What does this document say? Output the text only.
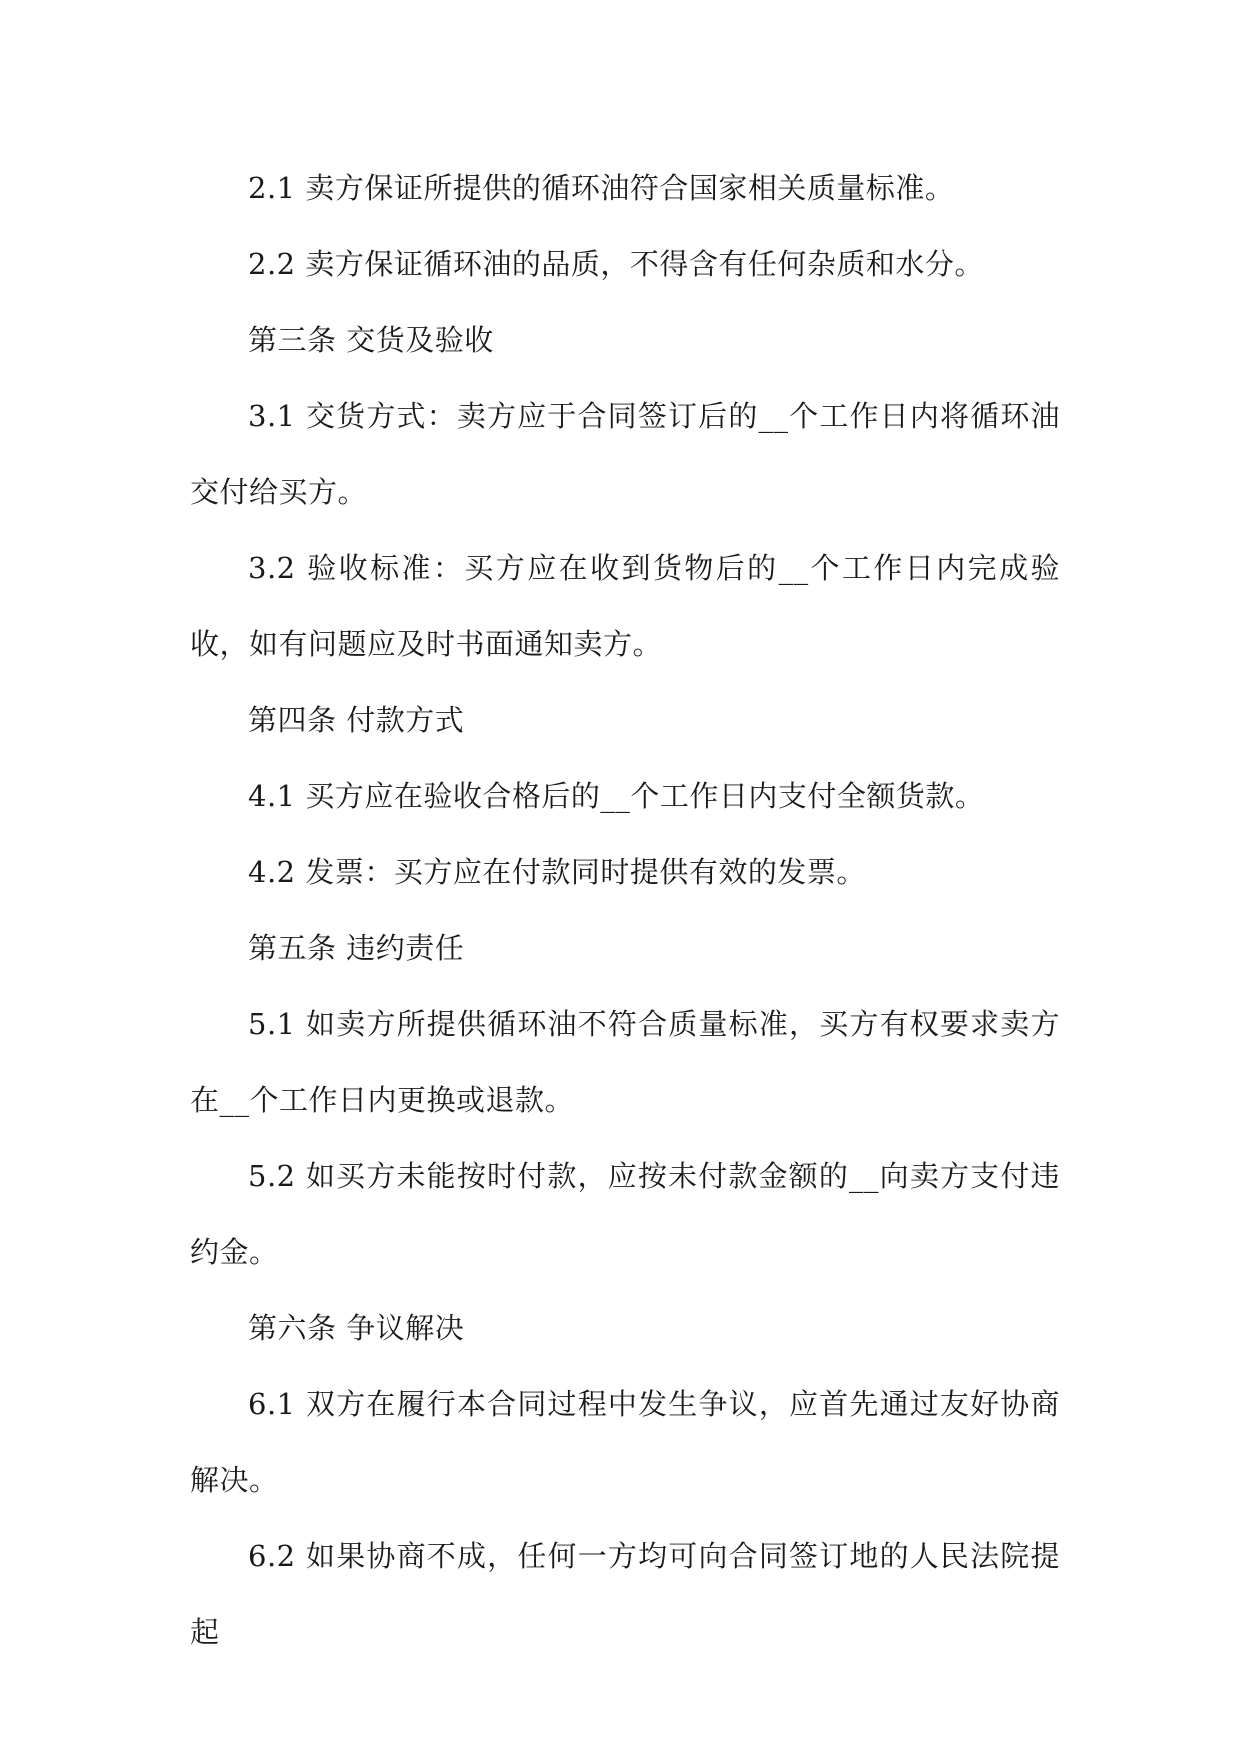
2.1 卖方保证所提供的循环油符合国家相关质量标准。

2.2 卖方保证循环油的品质，不得含有任何杂质和水分。

第三条 交货及验收

3.1 交货方式：卖方应于合同签订后的__个工作日内将循环油交付给买方。

3.2 验收标准：买方应在收到货物后的__个工作日内完成验收，如有问题应及时书面通知卖方。

第四条 付款方式

4.1 买方应在验收合格后的__个工作日内支付全额货款。

4.2 发票：买方应在付款同时提供有效的发票。

第五条 违约责任

5.1 如卖方所提供循环油不符合质量标准，买方有权要求卖方在__个工作日内更换或退款。

5.2 如买方未能按时付款，应按未付款金额的__向卖方支付违约金。

第六条 争议解决

6.1 双方在履行本合同过程中发生争议，应首先通过友好协商解决。

6.2 如果协商不成，任何一方均可向合同签订地的人民法院提起
